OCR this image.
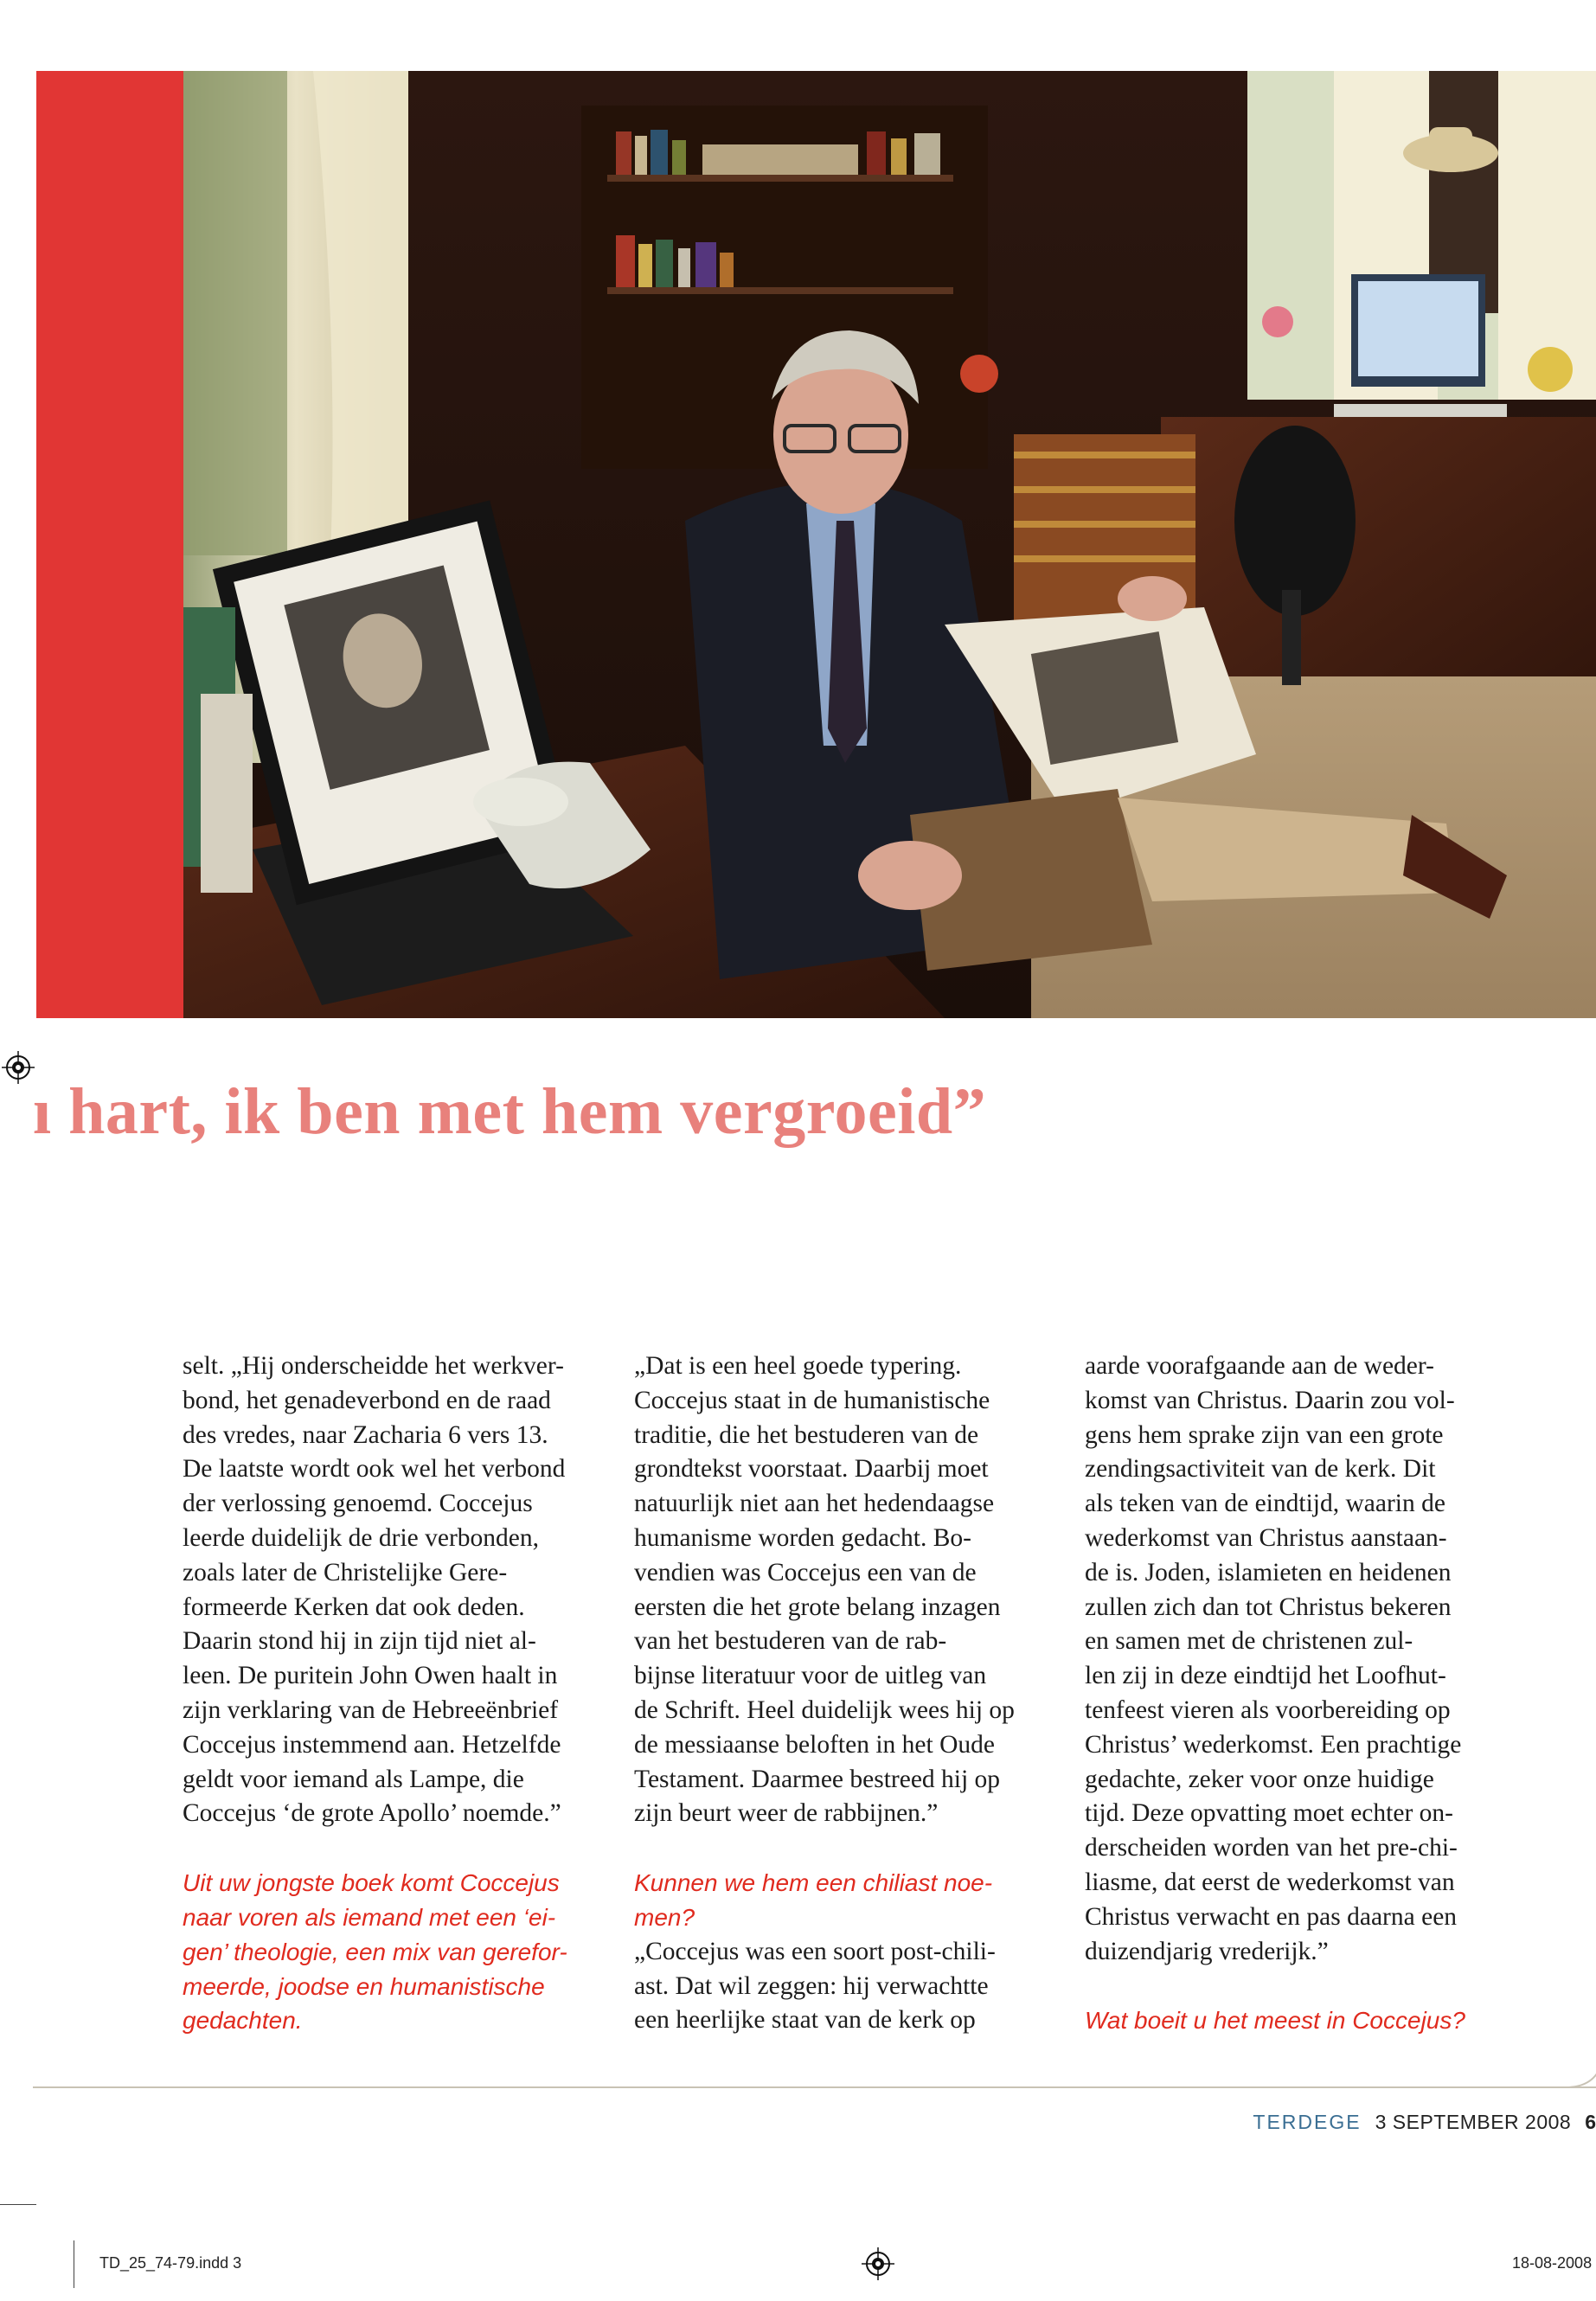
ı hart, ik ben met hem vergroeid”

selt. „Hij onderscheidde het werkver-
bond, het genadeverbond en de raad
des vredes, naar Zacharia 6 vers 13.
De laatste wordt ook wel het verbond
der verlossing genoemd. Coccejus
leerde duidelijk de drie verbonden,
zoals later de Christelijke Gere-
formeerde Kerken dat ook deden.
Daarin stond hij in zijn tijd niet al-
leen. De puritein John Owen haalt in
zijn verklaring van de Hebreeënbrief
Coccejus instemmend aan. Hetzelfde
geldt voor iemand als Lampe, die
Coccejus ‘de grote Apollo’ noemde.”

Uit uw jongste boek komt Coccejus
naar voren als iemand met een ‘ei-
gen’ theologie, een mix van gerefor-
meerde, joodse en humanistische
gedachten.

„Dat is een heel goede typering.
Coccejus staat in de humanistische
traditie, die het bestuderen van de
grondtekst voorstaat. Daarbij moet
natuurlijk niet aan het hedendaagse
humanisme worden gedacht. Bo-
vendien was Coccejus een van de
eersten die het grote belang inzagen
van het bestuderen van de rab-
bijnse literatuur voor de uitleg van
de Schrift. Heel duidelijk wees hij op
de messiaanse beloften in het Oude
Testament. Daarmee bestreed hij op
zijn beurt weer de rabbijnen.”

Kunnen we hem een chiliast noe-
men?

„Coccejus was een soort post-chili-
ast. Dat wil zeggen: hij verwachtte
een heerlijke staat van de kerk op

aarde voorafgaande aan de weder-
komst van Christus. Daarin zou vol-
gens hem sprake zijn van een grote
zendingsactiviteit van de kerk. Dit
als teken van de eindtijd, waarin de
wederkomst van Christus aanstaan-
de is. Joden, islamieten en heidenen
zullen zich dan tot Christus bekeren
en samen met de christenen zul-
len zij in deze eindtijd het Loofhut-
tenfeest vieren als voorbereiding op
Christus’ wederkomst. Een prachtige
gedachte, zeker voor onze huidige
tijd. Deze opvatting moet echter on-
derscheiden worden van het pre-chi-
liasme, dat eerst de wederkomst van
Christus verwacht en pas daarna een
duizendjarig vrederijk.”

Wat boeit u het meest in Coccejus?

TERDEGE 3 SEPTEMBER 2008 6
TD_25_74-79.indd 3	18-08-2008
